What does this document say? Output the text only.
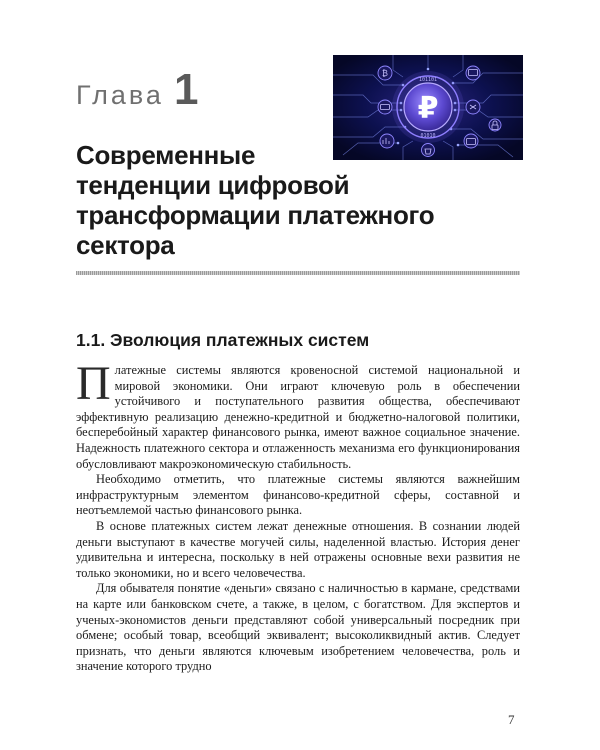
Глава 1	₿
101101
01010
₽
Современные
тенденции цифровой
трансформации платежного
сектора
1.1. Эволюция платежных систем

Платежные системы являются кровеносной системой национальной и мировой экономики. Они играют ключевую роль в обеспечении устойчивого и поступательного развития общества, обеспечивают эффективную реализацию денежно-кредитной и бюджетно-налоговой политики, бесперебойный характер финансового рынка, имеют важное социальное значение. Надежность платежного сектора и отлаженность механизма его функционирования обусловливают макроэкономическую стабильность.

Необходимо отметить, что платежные системы являются важнейшим инфраструктурным элементом финансово-кредитной сферы, составной и неотъемлемой частью финансового рынка.

В основе платежных систем лежат денежные отношения. В сознании людей деньги выступают в качестве могучей силы, наделенной властью. История денег удивительна и интересна, поскольку в ней отражены основные вехи развития не только экономики, но и всего человечества.

Для обывателя понятие «деньги» связано с наличностью в кармане, средствами на карте или банковском счете, а также, в целом, с богатством. Для экспертов и ученых-экономистов деньги представляют собой универсальный посредник при обмене; особый товар, всеобщий эквивалент; высоколиквидный актив. Следует признать, что деньги являются ключевым изобретением человечества, роль и значение которого трудно

7
